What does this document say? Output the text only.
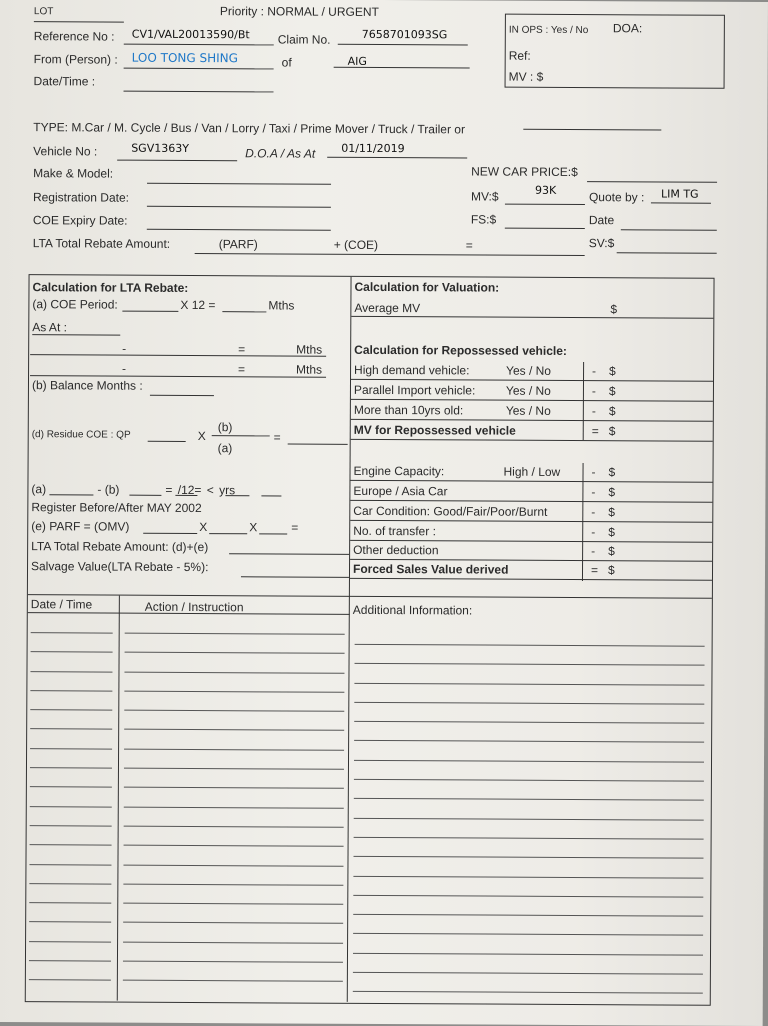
LOT	Priority : NORMAL / URGENT
Reference No : CV1/VAL20013590/Bt Claim No.	7658701093SG
From (Person) : LOO TONG SHING	of	AIG
Date/Time :
IN OPS : Yes / No DOA:
Ref:
MV : $
TYPE: M.Car / M. Cycle / Bus / Van / Lorry / Taxi / Prime Mover / Truck / Trailer or
Vehicle No :	SGV1363Y	D.O.A / As At 01/11/2019
Make & Model:
Registration Date:
COE Expiry Date:
LTA Total Rebate Amount:	(PARF)	+ (COE)	=
NEW CAR PRICE:$
MV:$	93K	Quote by : LIM TG
FS:$	Date
SV:$
Calculation for LTA Rebate:
(a) COE Period:	X 12 =	Mths
As At :
-	=	Mths
-	=	Mths
(b) Balance Months :
(d) Residue COE : QP	X
(b)
(a)
=
(a)	- (b)	= /12= < yrs
Register Before/After MAY 2002
(e) PARF = (OMV)	X	X	=
LTA Total Rebate Amount: (d)+(e)
Salvage Value(LTA Rebate - 5%):
Calculation for Valuation:
Average MV	$
Calculation for Repossessed vehicle:
High demand vehicle:	Yes / No	- $
Parallel Import vehicle:	Yes / No	- $
More than 10yrs old:	Yes / No	- $
MV for Repossessed vehicle	= $
Engine Capacity:	High / Low	- $
Europe / Asia Car	- $
Car Condition: Good/Fair/Poor/Burnt	- $
No. of transfer :	- $
Other deduction	- $
Forced Sales Value derived	= $
Date / Time	Action / Instruction	Additional Information:
